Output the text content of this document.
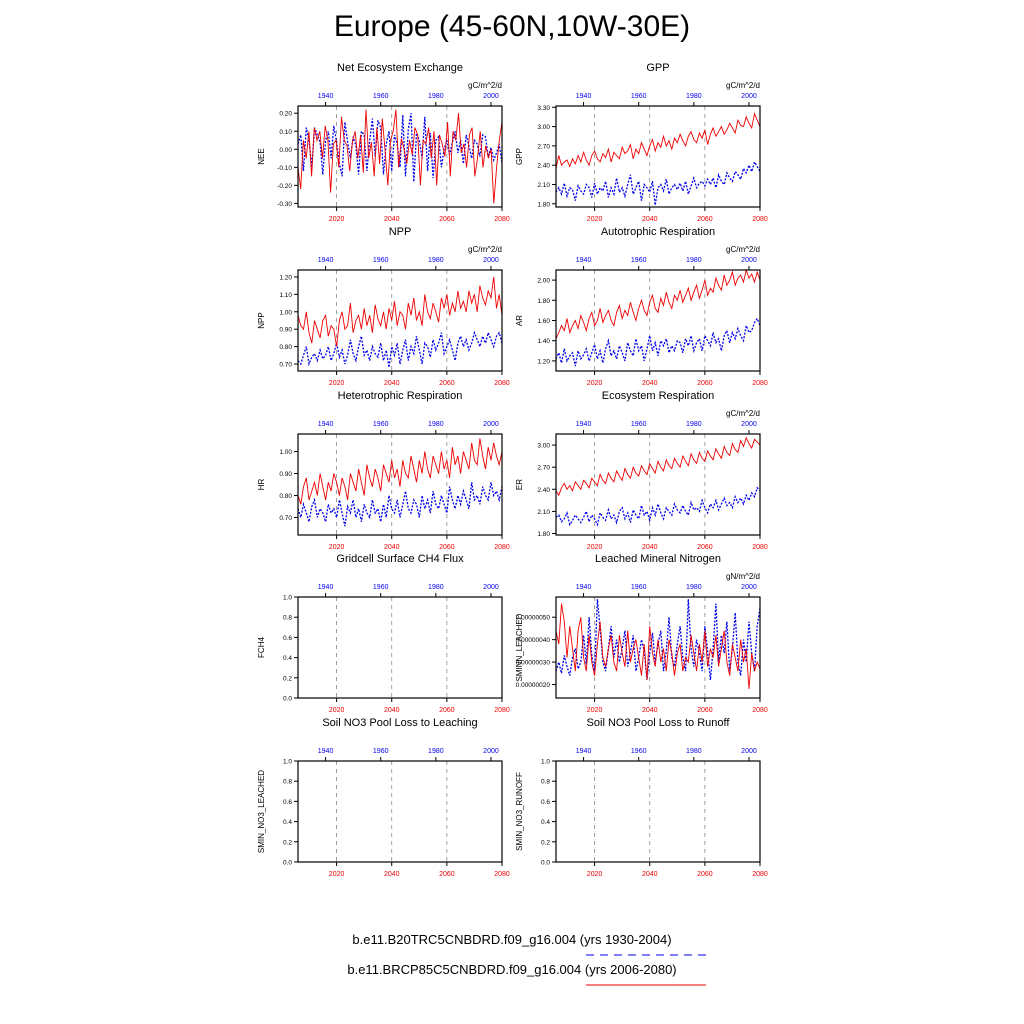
Europe (45-60N,10W-30E)
Net Ecosystem Exchange
gC/m^2/d
2020	2040	2060	2080
1940	1960	1980	2000
0.20
0.10
0.00
-0.10
-0.20
-0.30
NEE
GPP
gC/m^2/d
2020	2040	2060	2080
1940	1960	1980	2000
3.30
3.00
2.70
2.40
2.10
1.80
GPP
NPP
gC/m^2/d
2020	2040	2060	2080
1940	1960	1980	2000
1.20
1.10
1.00
0.90
0.80
0.70
NPP
Autotrophic Respiration
gC/m^2/d
2020	2040	2060	2080
1940	1960	1980	2000
2.00
1.80
1.60
1.40
1.20
AR
Heterotrophic Respiration
2020	2040	2060	2080
1940	1960	1980	2000
1.00
0.90
0.80
0.70
HR
Ecosystem Respiration
gC/m^2/d
2020	2040	2060	2080
1940	1960	1980	2000
3.00
2.70
2.40
2.10
1.80
ER
Gridcell Surface CH4 Flux
2020	2040	2060	2080
1940	1960	1980	2000
1.0
0.8
0.6
0.4
0.2
0.0
FCH4
Leached Mineral Nitrogen
gN/m^2/d
2020	2040	2060	2080
1940	1960	1980	2000
0.00000050
0.00000040
0.00000030
0.00000020
SMINN_LEACHED
Soil NO3 Pool Loss to Leaching
2020	2040	2060	2080
1940	1960	1980	2000
1.0
0.8
0.6
0.4
0.2
0.0
SMIN_NO3_LEACHED
Soil NO3 Pool Loss to Runoff
2020	2040	2060	2080
1940	1960	1980	2000
1.0
0.8
0.6
0.4
0.2
0.0
SMIN_NO3_RUNOFF
b.e11.B20TRC5CNBDRD.f09_g16.004 (yrs 1930-2004)
b.e11.BRCP85C5CNBDRD.f09_g16.004 (yrs 2006-2080)
